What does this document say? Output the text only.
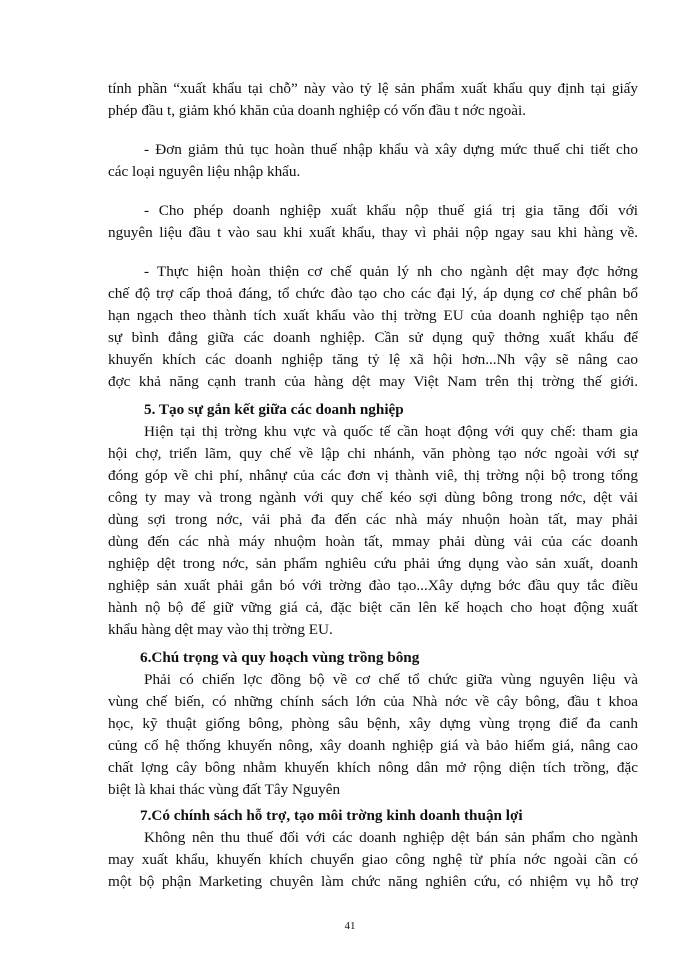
tính phần “xuất khẩu tại chỗ” này vào tỷ lệ sản phẩm xuất khẩu quy định tại giấy
phép đầu t, giảm khó khăn của doanh nghiệp có vốn đầu t nớc ngoài.
- Đơn giảm thủ tục hoàn thuế nhập khẩu và xây dựng mức thuế chi tiết cho
các loại nguyên liệu nhập khẩu.
- Cho phép doanh nghiệp xuất khẩu nộp thuế giá trị gia tăng đối với
nguyên liệu đầu t vào sau khi xuất khẩu, thay vì phải nộp ngay sau khi hàng về.
- Thực hiện hoàn thiện cơ chế quản lý nh cho ngành dệt may đợc hởng
chế độ trợ cấp thoả đáng, tổ chức đào tạo cho các đại lý, áp dụng cơ chế phân bổ
hạn ngạch theo thành tích xuất khẩu vào thị trờng EU của doanh nghiệp tạo nên
sự bình đẳng giữa các doanh nghiệp. Cần sử dụng quỹ thởng xuất khẩu để
khuyến khích các doanh nghiệp tăng tỷ lệ xã hội hơn...Nh vậy sẽ nâng cao
đợc khả năng cạnh tranh của hàng dệt may Việt Nam trên thị trờng thế giới.
5. Tạo sự gắn kết giữa các doanh nghiệp
Hiện tại thị trờng khu vực và quốc tế cần hoạt động với quy chế: tham gia
hội chợ, triển lãm, quy chế về lập chi nhánh, văn phòng tạo nớc ngoài với sự
đóng góp về chi phí, nhânự của các đơn vị thành viê, thị trờng nội bộ trong tổng
công ty may và trong ngành với quy chế kéo sợi dùng bông trong nớc, dệt vải
dùng sợi trong nớc, vải phả đa đến các nhà máy nhuộn hoàn tất, may phải
dùng đến các nhà máy nhuộm hoàn tất, mmay phải dùng vải của các doanh
nghiệp dệt trong nớc, sản phẩm nghiêu cứu phải ứng dụng vào sản xuất, doanh
nghiệp sản xuất phải gắn bó với trờng đào tạo...Xây dựng bớc đầu quy tắc điều
hành nộ bộ để giữ vững giá cả, đặc biệt căn lên kế hoạch cho hoạt động xuất
khẩu hàng dệt may vào thị trờng EU.
6.Chú trọng và quy hoạch vùng trồng bông
Phải có chiến lợc đồng bộ về cơ chế tổ chức giữa vùng nguyên liệu và
vùng chế biến, có những chính sách lớn của Nhà nớc về cây bông, đầu t khoa
học, kỹ thuật giống bông, phòng sâu bệnh, xây dựng vùng trọng điể đa canh
củng cố hệ thống khuyến nông, xây doanh nghiệp giá và bảo hiểm giá, nâng cao
chất lợng cây bông nhằm khuyến khích nông dân mở rộng diện tích trồng, đặc
biệt là khai thác vùng đất Tây Nguyên
7.Có chính sách hỗ trợ, tạo môi trờng kinh doanh thuận lợi
Không nên thu thuế đối với các doanh nghiệp dệt bán sản phẩm cho ngành
may xuất khẩu, khuyến khích chuyển giao công nghệ từ phía nớc ngoài cần có
một bộ phận Marketing chuyên làm chức năng nghiên cứu, có nhiệm vụ hỗ trợ
41
